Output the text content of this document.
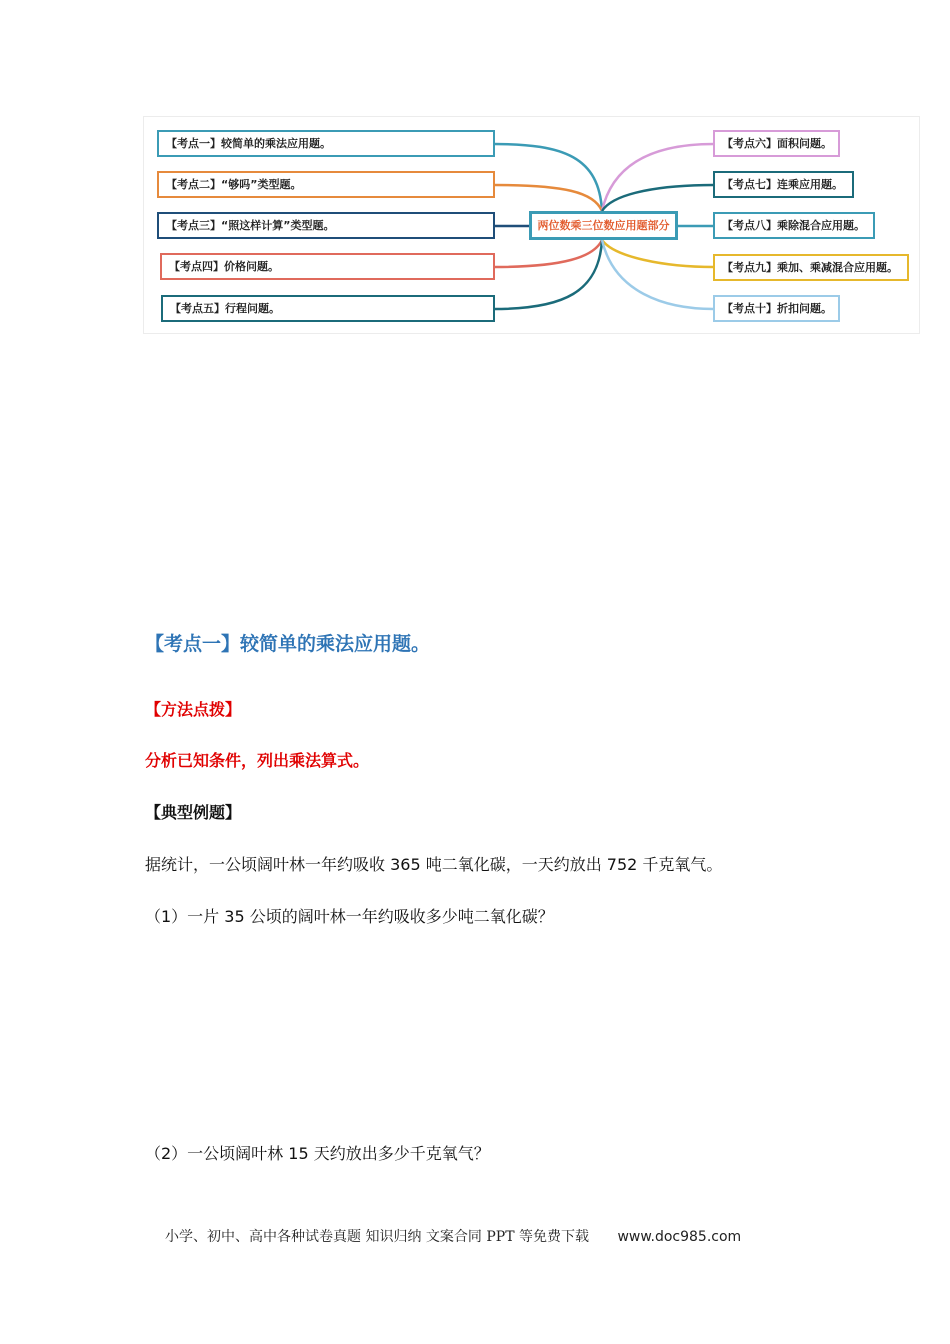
【考点一】较简单的乘法应用题。
【考点二】“够吗”类型题。
【考点三】“照这样计算”类型题。
【考点四】价格问题。
【考点五】行程问题。
两位数乘三位数应用题部分
【考点六】面积问题。
【考点七】连乘应用题。
【考点八】乘除混合应用题。
【考点九】乘加、乘减混合应用题。
【考点十】折扣问题。
【考点一】较简单的乘法应用题。
【方法点拨】
分析已知条件，列出乘法算式。
【典型例题】
据统计，一公顷阔叶林一年约吸收 365 吨二氧化碳，一天约放出 752 千克氧气。
（1）一片 35 公顷的阔叶林一年约吸收多少吨二氧化碳？
（2）一公顷阔叶林 15 天约放出多少千克氧气？
小学、初中、高中各种试卷真题 知识归纳 文案合同 PPT 等免费下载 www.doc985.com
